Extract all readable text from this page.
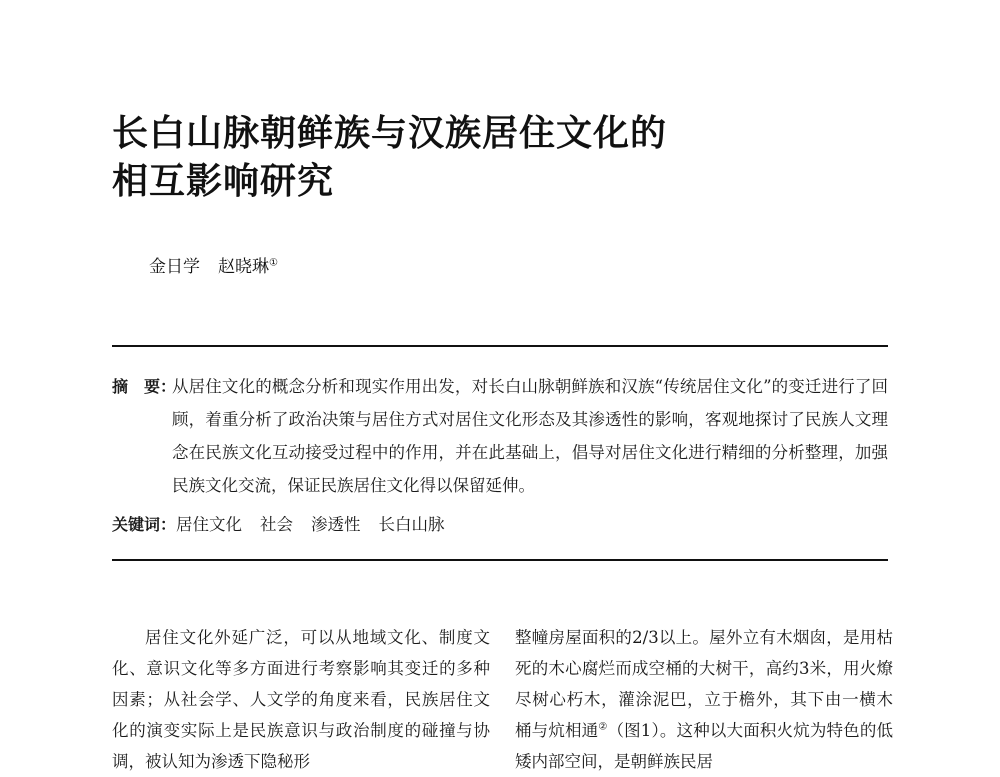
长白山脉朝鲜族与汉族居住文化的
相互影响研究
金日学 赵晓琳①
摘　要：
从居住文化的概念分析和现实作用出发，对长白山脉朝鲜族和汉族“传统居住文化”的变迁进行了回顾，着重分析了政治决策与居住方式对居住文化形态及其渗透性的影响，客观地探讨了民族人文理念在民族文化互动接受过程中的作用，并在此基础上，倡导对居住文化进行精细的分析整理，加强民族文化交流，保证民族居住文化得以保留延伸。
关键词：居住文化 社会 渗透性 长白山脉

居住文化外延广泛，可以从地域文化、制度文化、意识文化等多方面进行考察影响其变迁的多种因素；从社会学、人文学的角度来看，民族居住文化的演变实际上是民族意识与政治制度的碰撞与协调，被认知为渗透下隐秘形

整幢房屋面积的2/3以上。屋外立有木烟囱，是用枯死的木心腐烂而成空桶的大树干，高约3米，用火燎尽树心朽木，灌涂泥巴，立于檐外，其下由一横木桶与炕相通②（图1）。这种以大面积火炕为特色的低矮内部空间，是朝鲜族民居
